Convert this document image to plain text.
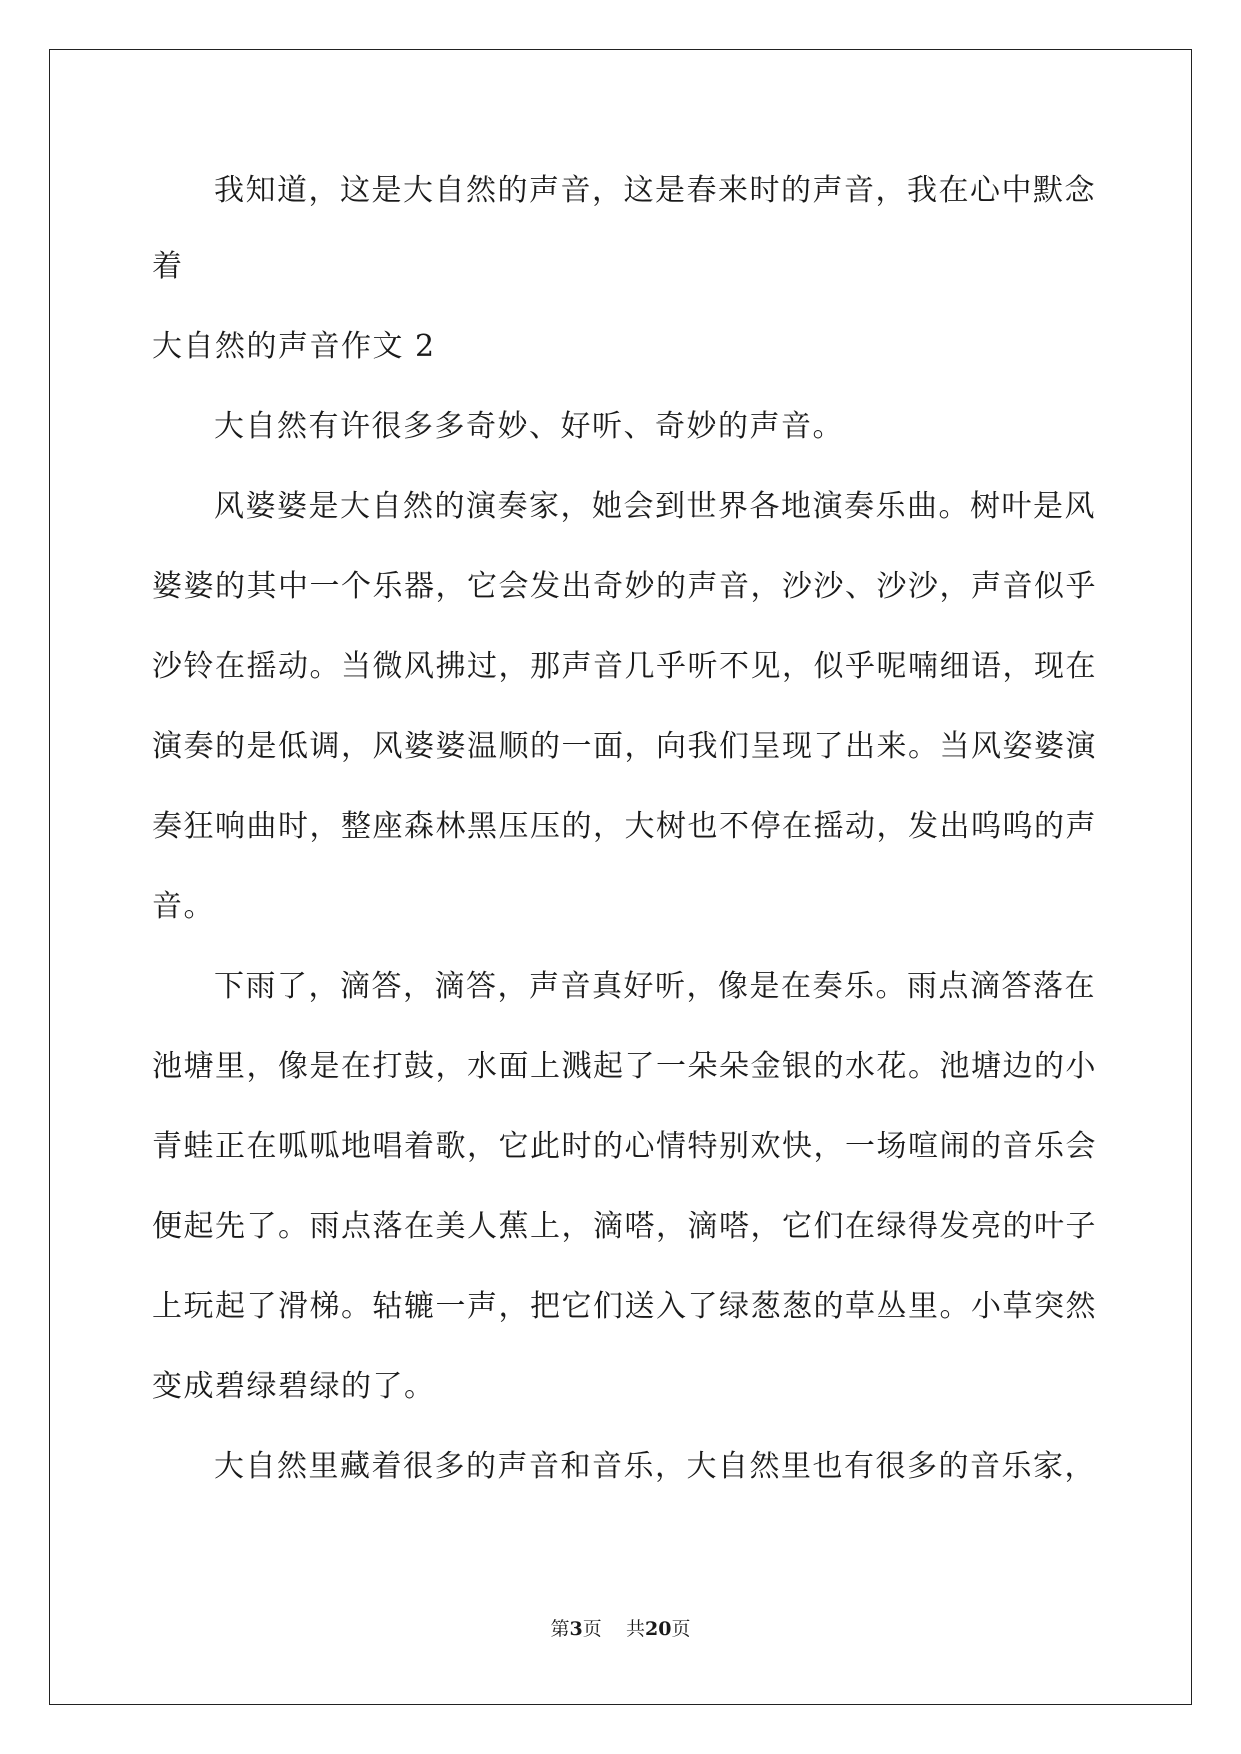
我知道，这是大自然的声音，这是春来时的声音，我在心中默念
着
大自然的声音作文 2
大自然有许很多多奇妙、好听、奇妙的声音。
风婆婆是大自然的演奏家，她会到世界各地演奏乐曲。树叶是风
婆婆的其中一个乐器，它会发出奇妙的声音，沙沙、沙沙，声音似乎
沙铃在摇动。当微风拂过，那声音几乎听不见，似乎呢喃细语，现在
演奏的是低调，风婆婆温顺的一面，向我们呈现了出来。当风姿婆演
奏狂响曲时，整座森林黑压压的，大树也不停在摇动，发出呜呜的声
音。
下雨了，滴答，滴答，声音真好听，像是在奏乐。雨点滴答落在
池塘里，像是在打鼓，水面上溅起了一朵朵金银的水花。池塘边的小
青蛙正在呱呱地唱着歌，它此时的心情特别欢快，一场喧闹的音乐会
便起先了。雨点落在美人蕉上，滴嗒，滴嗒，它们在绿得发亮的叶子
上玩起了滑梯。轱辘一声，把它们送入了绿葱葱的草丛里。小草突然
变成碧绿碧绿的了。
大自然里藏着很多的声音和音乐，大自然里也有很多的音乐家，
第3页 共20页
